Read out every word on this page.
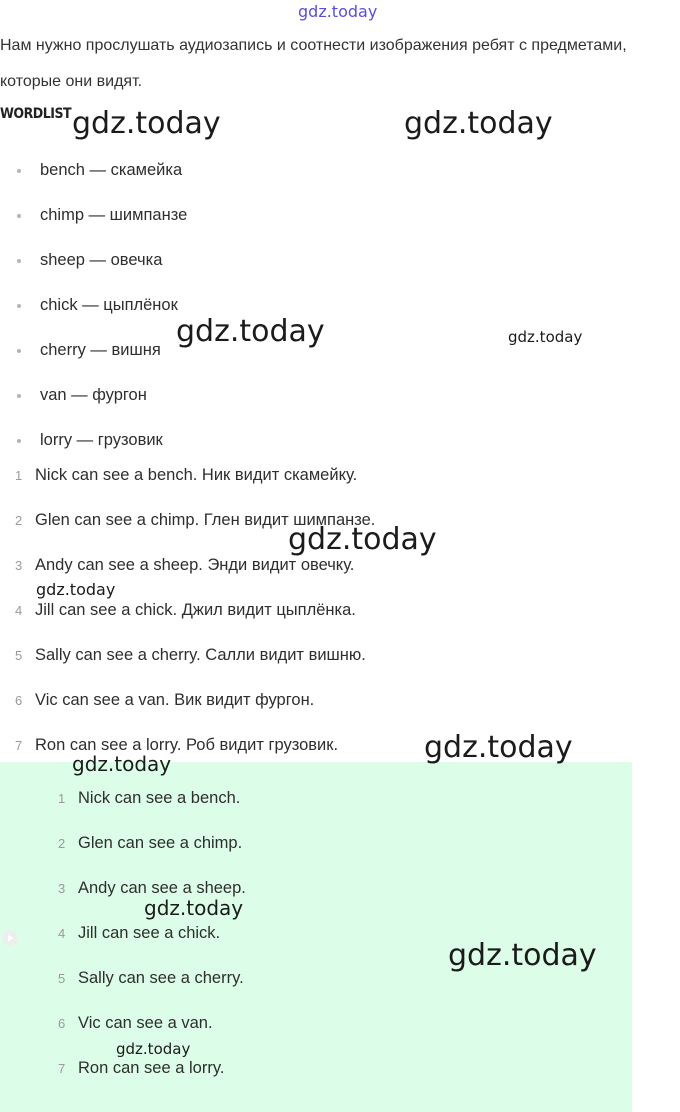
gdz.today
Нам нужно прослушать аудиозапись и соотнести изображения ребят с предметами, которые они видят.
WORDLIST
bench — скамейка
chimp — шимпанзе
sheep — овечка
chick — цыплёнок
cherry — вишня
van — фургон
lorry — грузовик
1 Nick can see a bench. Ник видит скамейку.
2 Glen can see a chimp. Глен видит шимпанзе.
3 Andy can see a sheep. Энди видит овечку.
4 Jill can see a chick. Джил видит цыплёнка.
5 Sally can see a cherry. Салли видит вишню.
6 Vic can see a van. Вик видит фургон.
7 Ron can see a lorry. Роб видит грузовик.
1 Nick can see a bench.
2 Glen can see a chimp.
3 Andy can see a sheep.
4 Jill can see a chick.
5 Sally can see a cherry.
6 Vic can see a van.
7 Ron can see a lorry.
gdz.today	gdz.today
gdz.today	gdz.today
gdz.today
gdz.today
gdz.today
gdz.today
gdz.today
gdz.today
gdz.today
